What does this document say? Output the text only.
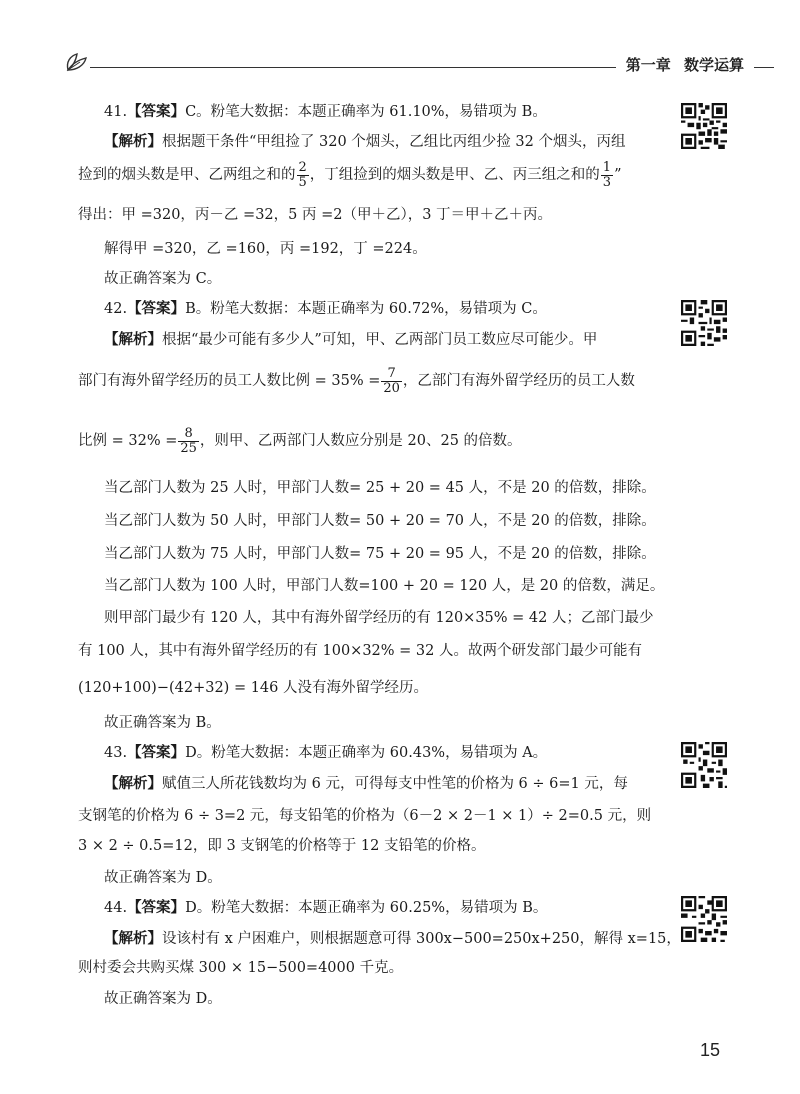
第一章 数学运算

41.【答案】C。粉笔大数据：本题正确率为 61.10%，易错项为 B。

【解析】根据题干条件“甲组捡了 320 个烟头，乙组比丙组少捡 32 个烟头，丙组

捡到的烟头数是甲、乙两组之和的 $\frac{2}{5}$ ，丁组捡到的烟头数是甲、乙、丙三组之和的 $\frac{1}{3}$ ”

得出：甲 =320，丙－乙 =32，5 丙 =2（甲＋乙），3 丁＝甲＋乙＋丙。

解得甲 =320，乙 =160，丙 =192，丁 =224。

故正确答案为 C。

42.【答案】B。粉笔大数据：本题正确率为 60.72%，易错项为 C。

【解析】根据“最少可能有多少人”可知，甲、乙两部门员工数应尽可能少。甲

部门有海外留学经历的员工人数比例 = $35\% = \frac{7}{20}$ ，乙部门有海外留学经历的员工人数

比例 = $32\% = \frac{8}{25}$ ，则甲、乙两部门人数应分别是 20、25 的倍数。

当乙部门人数为 25 人时，甲部门人数= 25 + 20 = 45 人，不是 20 的倍数，排除。

当乙部门人数为 50 人时，甲部门人数= 50 + 20 = 70 人，不是 20 的倍数，排除。

当乙部门人数为 75 人时，甲部门人数= 75 + 20 = 95 人，不是 20 的倍数，排除。

当乙部门人数为 100 人时，甲部门人数=100 + 20 = 120 人，是 20 的倍数，满足。

则甲部门最少有 120 人，其中有海外留学经历的有 120×35% = 42 人；乙部门最少

有 100 人，其中有海外留学经历的有 100×32% = 32 人。故两个研发部门最少可能有

(120+100)−(42+32) = 146 人没有海外留学经历。

故正确答案为 B。

43.【答案】D。粉笔大数据：本题正确率为 60.43%，易错项为 A。

【解析】赋值三人所花钱数均为 6 元，可得每支中性笔的价格为 6 ÷ 6=1 元，每

支钢笔的价格为 6 ÷ 3=2 元，每支铅笔的价格为（6－2 × 2－1 × 1）÷ 2=0.5 元，则

3 × 2 ÷ 0.5=12，即 3 支钢笔的价格等于 12 支铅笔的价格。

故正确答案为 D。

44.【答案】D。粉笔大数据：本题正确率为 60.25%，易错项为 B。

【解析】设该村有 x 户困难户，则根据题意可得 300x−500=250x+250，解得 x=15，

则村委会共购买煤 300 × 15−500=4000 千克。

故正确答案为 D。

15
